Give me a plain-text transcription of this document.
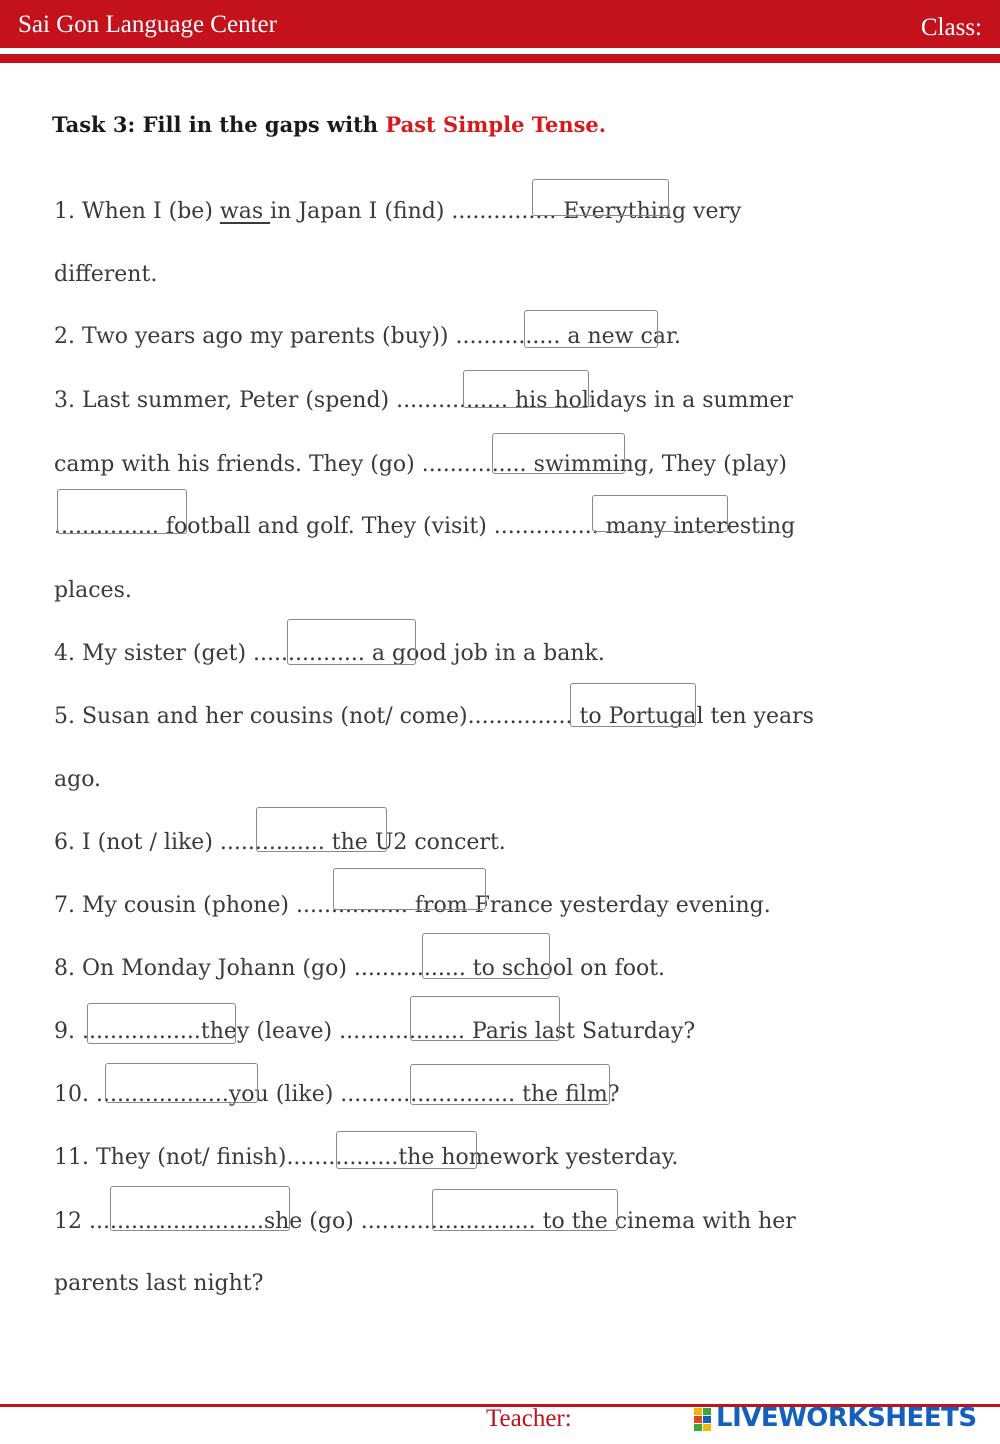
Sai Gon Language Center	Class:
Task 3: Fill in the gaps with Past Simple Tense.
1. When I (be) was in Japan I (find) ............... Everything very
different.
2. Two years ago my parents (buy)) ............... a new car.
3. Last summer, Peter (spend) ................ his holidays in a summer
camp with his friends. They (go) ............... swimming, They (play)
............... football and golf. They (visit) ............... many interesting
places.
4. My sister (get) ................ a good job in a bank.
5. Susan and her cousins (not/ come)............... to Portugal ten years
ago.
6. I (not / like) ............... the U2 concert.
7. My cousin (phone) ................ from France yesterday evening.
8. On Monday Johann (go) ................ to school on foot.
9. .................they (leave) .................. Paris last Saturday?
10. ...................you (like) ......................... the film?
11. They (not/ finish)................the homework yesterday.
12 .........................she (go) ......................... to the cinema with her
parents last night?
Teacher:	LIVEWORKSHEETS
